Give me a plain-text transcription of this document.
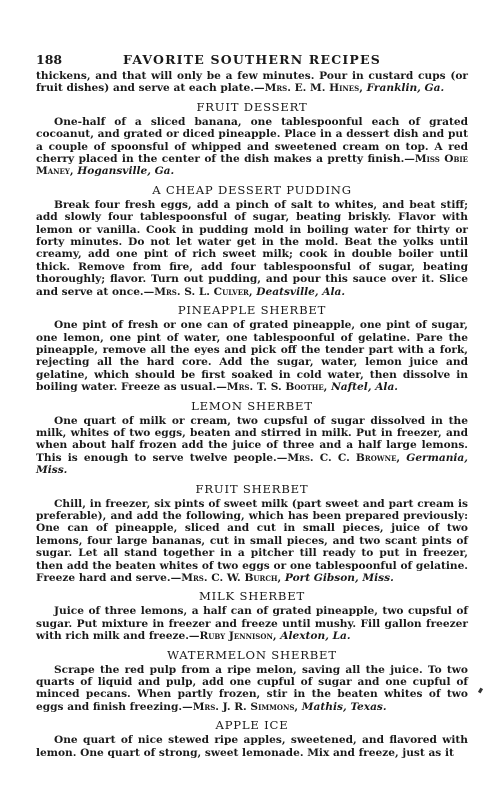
188	FAVORITE SOUTHERN RECIPES

thickens, and that will only be a few minutes. Pour in custard cups (or fruit dishes) and serve at each plate.—Mrs. E. M. Hines, Franklin, Ga.

FRUIT DESSERT

One-half of a sliced banana, one tablespoonful each of grated cocoanut, and grated or diced pineapple. Place in a dessert dish and put a couple of spoonsful of whipped and sweetened cream on top. A red cherry placed in the center of the dish makes a pretty finish.—Miss Obie Maney, Hogansville, Ga.

A CHEAP DESSERT PUDDING

Break four fresh eggs, add a pinch of salt to whites, and beat stiff; add slowly four tablespoonsful of sugar, beating briskly. Flavor with lemon or vanilla. Cook in pudding mold in boiling water for thirty or forty minutes. Do not let water get in the mold. Beat the yolks until creamy, add one pint of rich sweet milk; cook in double boiler until thick. Remove from fire, add four tablespoonsful of sugar, beating thoroughly; flavor. Turn out pudding, and pour this sauce over it. Slice and serve at once.—Mrs. S. L. Culver, Deatsville, Ala.

PINEAPPLE SHERBET

One pint of fresh or one can of grated pineapple, one pint of sugar, one lemon, one pint of water, one tablespoonful of gelatine. Pare the pineapple, remove all the eyes and pick off the tender part with a fork, rejecting all the hard core. Add the sugar, water, lemon juice and gelatine, which should be first soaked in cold water, then dissolve in boiling water. Freeze as usual.—Mrs. T. S. Boothe, Naftel, Ala.

LEMON SHERBET

One quart of milk or cream, two cupsful of sugar dissolved in the milk, whites of two eggs, beaten and stirred in milk. Put in freezer, and when about half frozen add the juice of three and a half large lemons. This is enough to serve twelve people.—Mrs. C. C. Browne, Germania, Miss.

FRUIT SHERBET

Chill, in freezer, six pints of sweet milk (part sweet and part cream is preferable), and add the following, which has been prepared previously: One can of pineapple, sliced and cut in small pieces, juice of two lemons, four large bananas, cut in small pieces, and two scant pints of sugar. Let all stand together in a pitcher till ready to put in freezer, then add the beaten whites of two eggs or one tablespoonful of gelatine. Freeze hard and serve.—Mrs. C. W. Burch, Port Gibson, Miss.

MILK SHERBET

Juice of three lemons, a half can of grated pineapple, two cupsful of sugar. Put mixture in freezer and freeze until mushy. Fill gallon freezer with rich milk and freeze.—Ruby Jennison, Alexton, La.

WATERMELON SHERBET

Scrape the red pulp from a ripe melon, saving all the juice. To two quarts of liquid and pulp, add one cupful of sugar and one cupful of minced pecans. When partly frozen, stir in the beaten whites of two eggs and finish freezing.—Mrs. J. R. Simmons, Mathis, Texas.

APPLE ICE

One quart of nice stewed ripe apples, sweetened, and flavored with lemon. One quart of strong, sweet lemonade. Mix and freeze, just as it
